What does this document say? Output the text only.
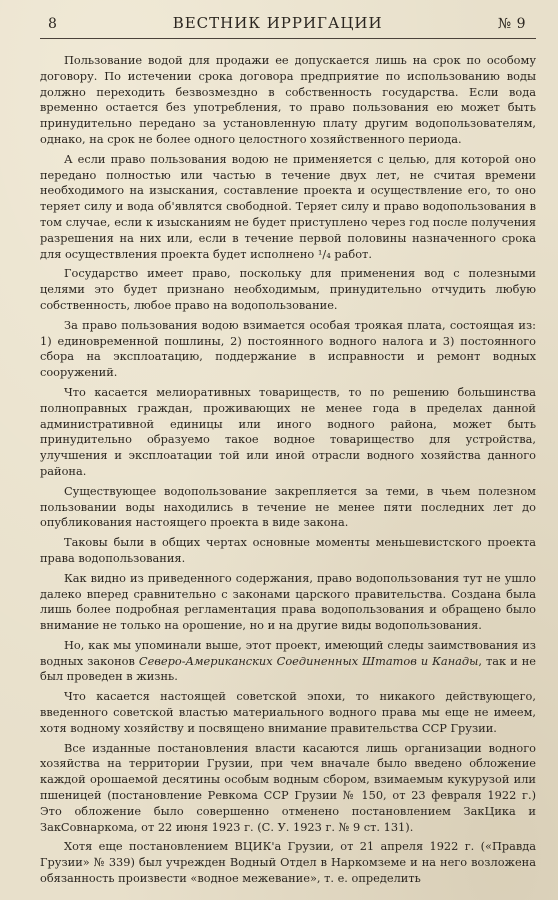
8	ВЕСТНИК ИРРИГАЦИИ	№ 9

Пользование водой для продажи ее допускается лишь на срок по особому договору. По истечении срока договора предприятие по использованию воды должно переходить безвозмездно в собственность государства. Если вода временно остается без употребления, то право пользования ею может быть принудительно передано за установленную плату другим водопользователям, однако, на срок не более одного целостного хозяйственного периода.

А если право пользования водою не применяется с целью, для которой оно передано полностью или частью в течение двух лет, не считая времени необходимого на изыскания, составление проекта и осуществление его, то оно теряет силу и вода об'являтся свободной. Теряет силу и право водопользования в том случае, если к изысканиям не будет приступлено через год после получения разрешения на них или, если в течение первой половины назначенного срока для осуществления проекта будет исполнено ¹/₄ работ.

Государство имеет право, поскольку для применения вод с полезными целями это будет признано необходимым, принудительно отчудить любую собственность, любое право на водопользование.

За право пользования водою взимается особая троякая плата, состоящая из: 1) единовременной пошлины, 2) постоянного водного налога и 3) постоянного сбора на эксплоатацию, поддержание в исправности и ремонт водных сооружений.

Что касается мелиоративных товариществ, то по решению большинства полноправных граждан, проживающих не менее года в пределах данной административной единицы или иного водного района, может быть принудительно образуемо такое водное товарищество для устройства, улучшения и эксплоатации той или иной отрасли водного хозяйства данного района.

Существующее водопользование закрепляется за теми, в чьем полезном пользовании воды находились в течение не менее пяти последних лет до опубликования настоящего проекта в виде закона.

Таковы были в общих чертах основные моменты меньшевистского проекта права водопользования.

Как видно из приведенного содержания, право водопользования тут не ушло далеко вперед сравнительно с законами царского правительства. Создана была лишь более подробная регламентация права водопользования и обращено было внимание не только на орошение, но и на другие виды водопользования.

Но, как мы упоминали выше, этот проект, имеющий следы заимствования из водных законов Северо-Американских Соединенных Штатов и Канады, так и не был проведен в жизнь.

Что касается настоящей советской эпохи, то никакого действующего, введенного советской властью материального водного права мы еще не имеем, хотя водному хозяйству и посвящено внимание правительства ССР Грузии.

Все изданные постановления власти касаются лишь организации водного хозяйства на территории Грузии, при чем вначале было введено обложение каждой орошаемой десятины особым водным сбором, взимаемым кукурузой или пшеницей (постановление Ревкома ССР Грузии № 150, от 23 февраля 1922 г.) Это обложение было совершенно отменено постановлением ЗакЦика и ЗакСовнаркома, от 22 июня 1923 г. (С. У. 1923 г. № 9 ст. 131).

Хотя еще постановлением ВЦИК'а Грузии, от 21 апреля 1922 г. («Правда Грузии» № 339) был учрежден Водный Отдел в Наркомземе и на него возложена обязанность произвести «водное межевание», т. е. определить
